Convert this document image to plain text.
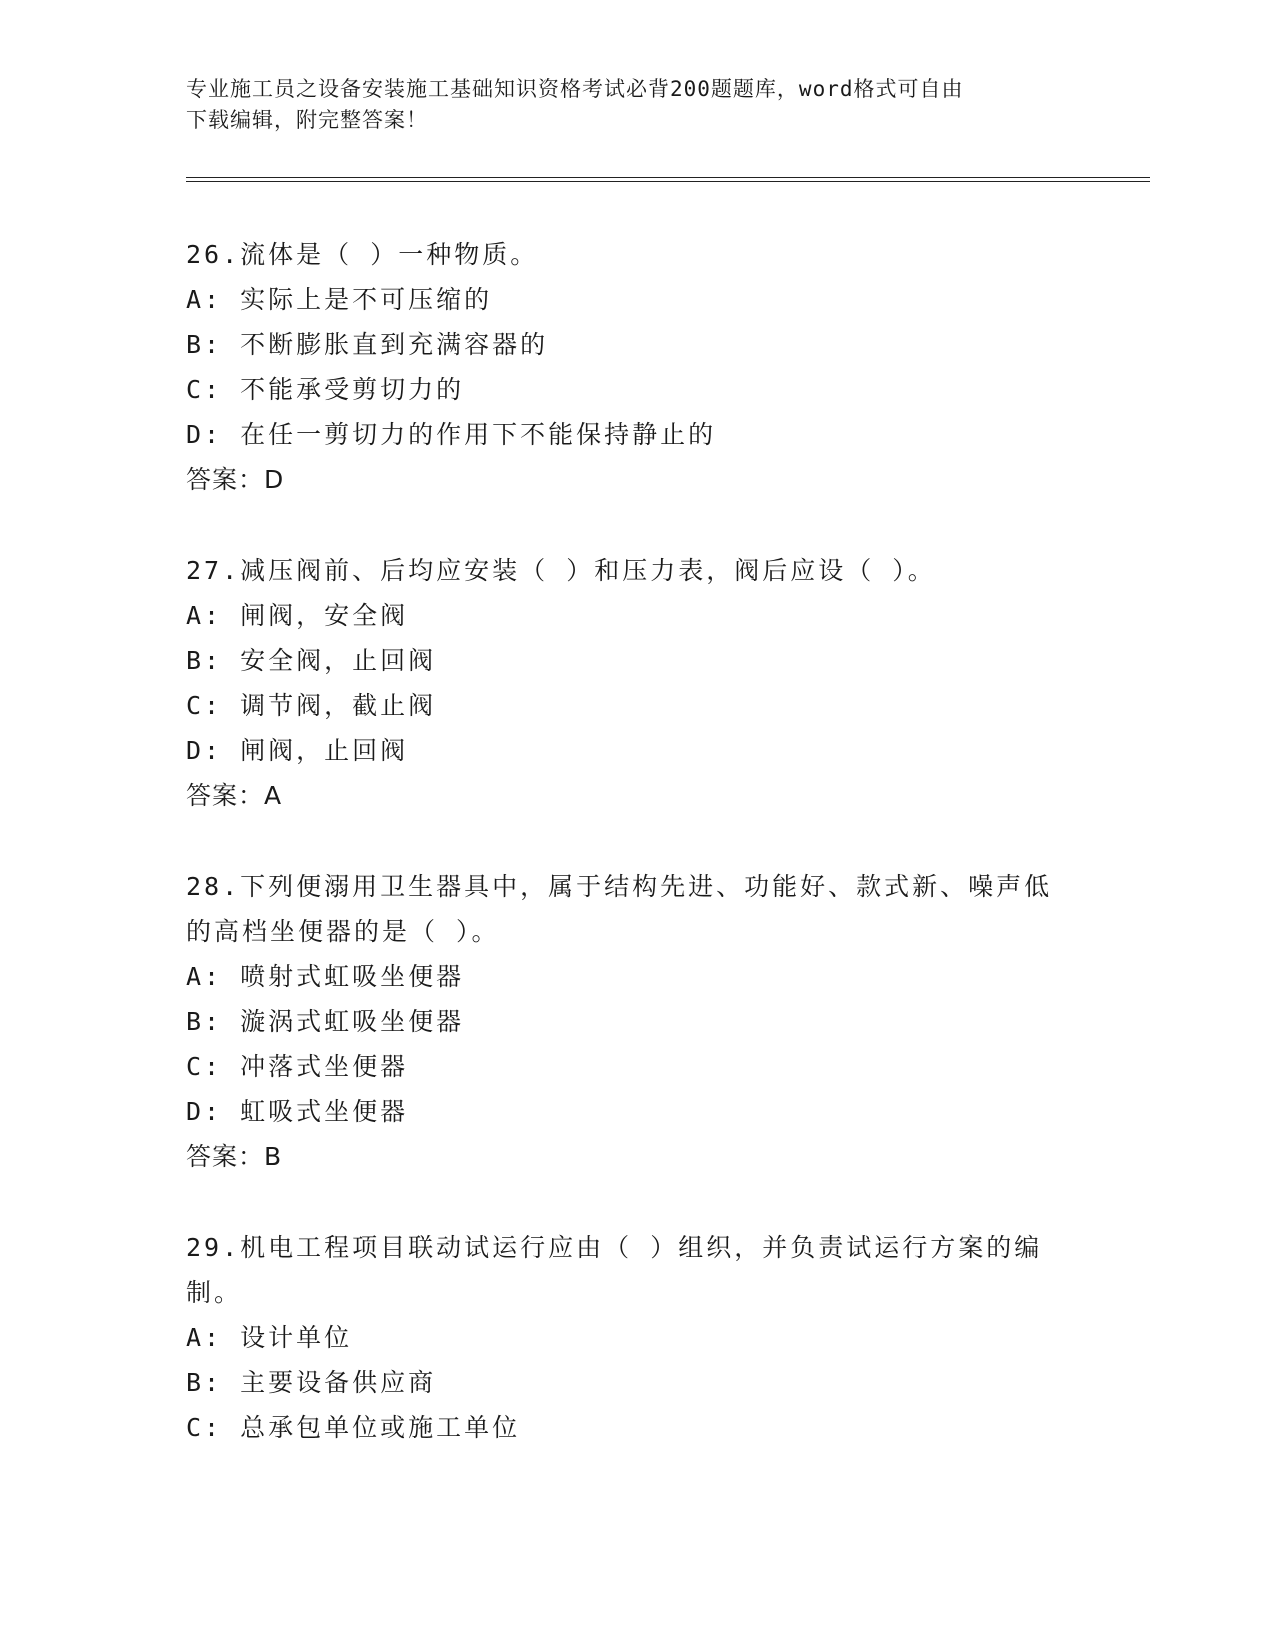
专业施工员之设备安装施工基础知识资格考试必背200题题库，word格式可自由
下载编辑，附完整答案！
26.流体是（ ）一种物质。
A: 实际上是不可压缩的
B: 不断膨胀直到充满容器的
C: 不能承受剪切力的
D: 在任一剪切力的作用下不能保持静止的
答案：D
27.减压阀前、后均应安装（ ）和压力表，阀后应设（ ）。
A: 闸阀，安全阀
B: 安全阀，止回阀
C: 调节阀，截止阀
D: 闸阀，止回阀
答案：A
28.下列便溺用卫生器具中，属于结构先进、功能好、款式新、噪声低
的高档坐便器的是（ ）。
A: 喷射式虹吸坐便器
B: 漩涡式虹吸坐便器
C: 冲落式坐便器
D: 虹吸式坐便器
答案：B
29.机电工程项目联动试运行应由（ ）组织，并负责试运行方案的编
制。
A: 设计单位
B: 主要设备供应商
C: 总承包单位或施工单位
